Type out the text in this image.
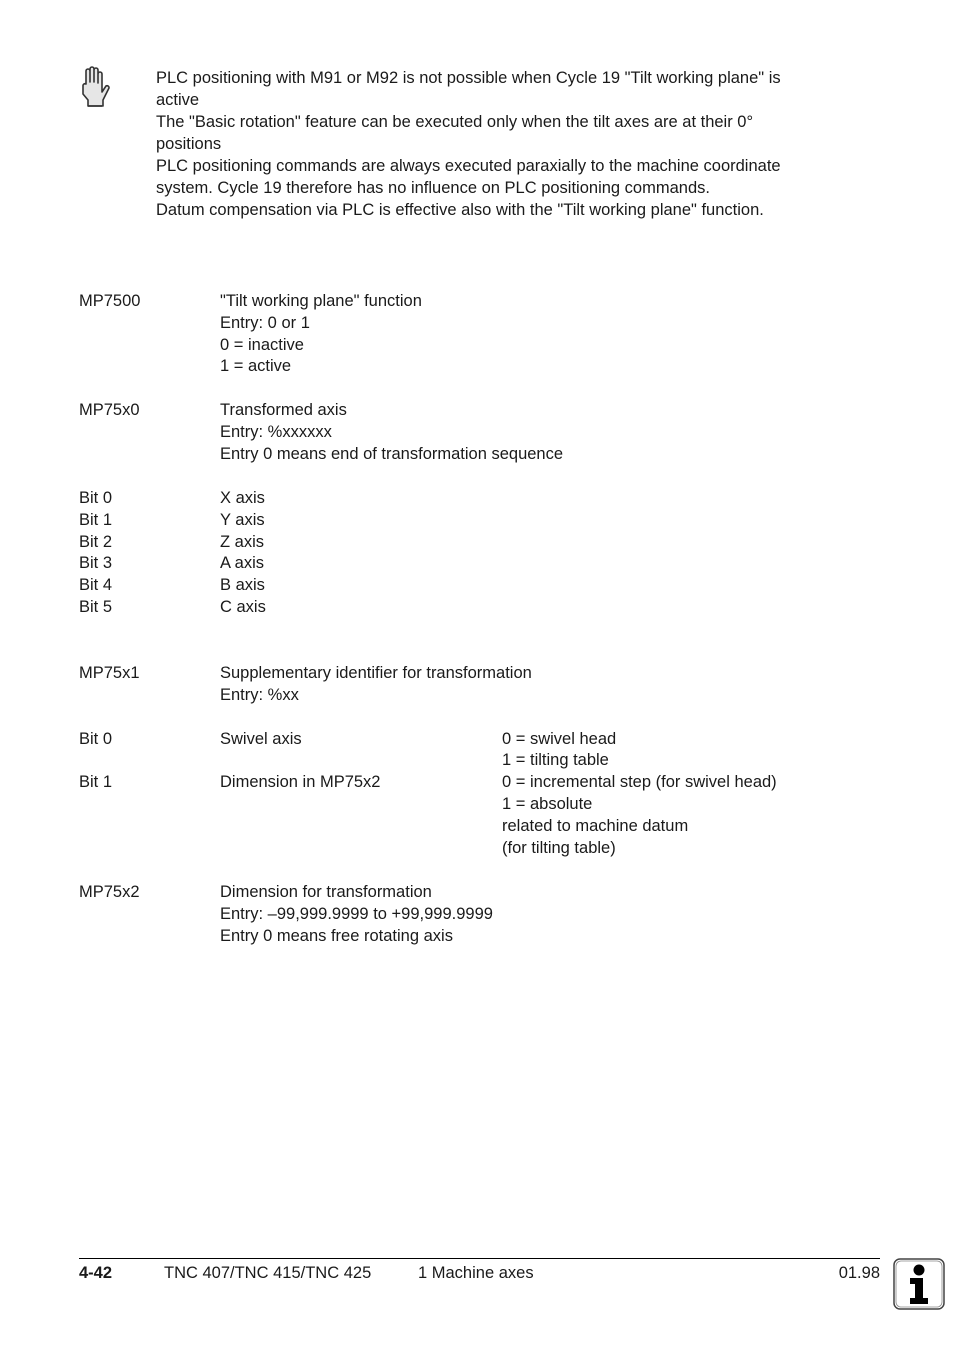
PLC positioning with M91 or M92 is not possible when Cycle 19 "Tilt working plane" is
active
The "Basic rotation" feature can be executed only when the tilt axes are at their 0°
positions
PLC positioning commands are always executed paraxially to the machine coordinate
system. Cycle 19 therefore has no influence on PLC positioning commands.
Datum compensation via PLC is effective also with the "Tilt working plane" function.
MP7500	"Tilt working plane" function
Entry: 0 or 1
0 = inactive
1 = active
MP75x0	Transformed axis
Entry: %xxxxxx
Entry 0 means end of transformation sequence
Bit 0	X axis
Bit 1	Y axis
Bit 2	Z axis
Bit 3	A axis
Bit 4	B axis
Bit 5	C axis
MP75x1	Supplementary identifier for transformation
Entry: %xx
Bit 0	Swivel axis	0 = swivel head
1 = tilting table
Bit 1	Dimension in MP75x2	0 = incremental step (for swivel head)
1 = absolute
related to machine datum
(for tilting table)
MP75x2	Dimension for transformation
Entry: –99,999.9999 to +99,999.9999
Entry 0 means free rotating axis
4-42	TNC 407/TNC 415/TNC 425	1 Machine axes	01.98
